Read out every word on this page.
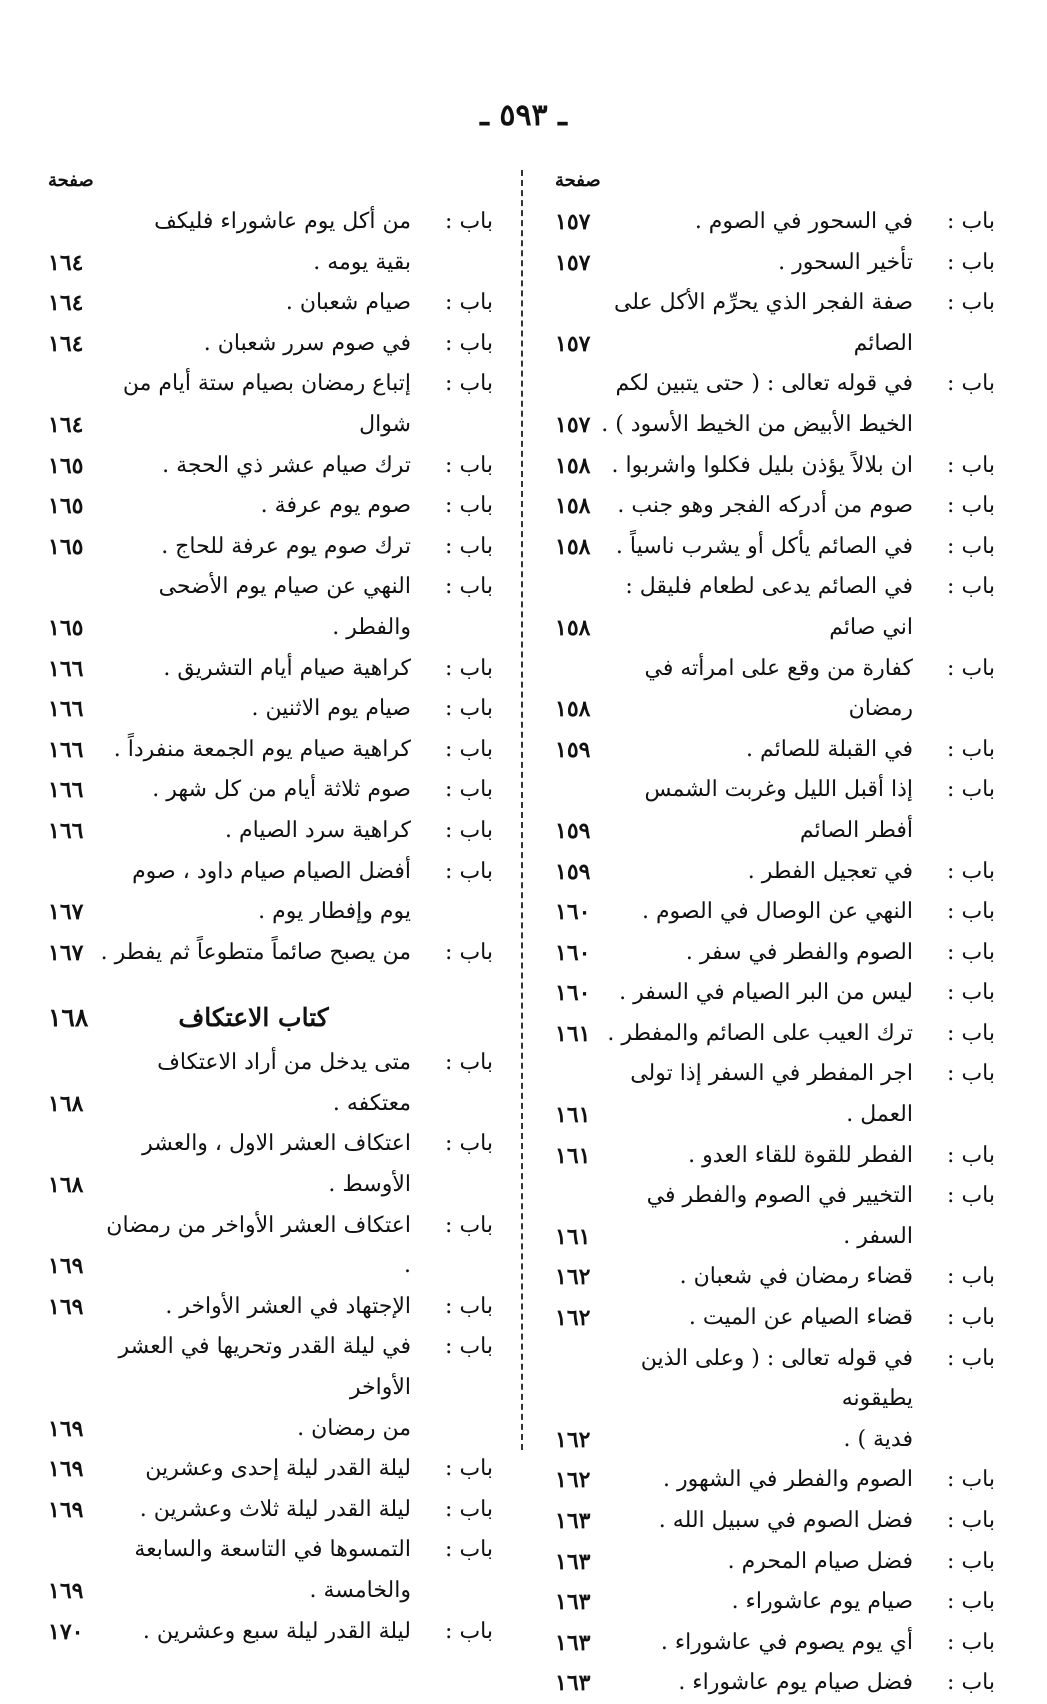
ـ ٥٩٣ ـ
صفحة
باب :
في السحور في الصوم .
١٥٧
باب :
تأخير السحور .
١٥٧
باب :
صفة الفجر الذي يحرِّم الأكل على الصائم
١٥٧
باب :
في قوله تعالى : ( حتى يتبين لكم
الخيط الأبيض من الخيط الأسود ) .
١٥٧
باب :
ان بلالاً يؤذن بليل فكلوا واشربوا .
١٥٨
باب :
صوم من أدركه الفجر وهو جنب .
١٥٨
باب :
في الصائم يأكل أو يشرب ناسياً .
١٥٨
باب :
في الصائم يدعى لطعام فليقل : اني صائم
١٥٨
باب :
كفارة من وقع على امرأته في رمضان
١٥٨
باب :
في القبلة للصائم .
١٥٩
باب :
إذا أقبل الليل وغربت الشمس أفطر الصائم
١٥٩
باب :
في تعجيل الفطر .
١٥٩
باب :
النهي عن الوصال في الصوم .
١٦٠
باب :
الصوم والفطر في سفر .
١٦٠
باب :
ليس من البر الصيام في السفر .
١٦٠
باب :
ترك العيب على الصائم والمفطر .
١٦١
باب :
اجر المفطر في السفر إذا تولى العمل .
١٦١
باب :
الفطر للقوة للقاء العدو .
١٦١
باب :
التخيير في الصوم والفطر في السفر .
١٦١
باب :
قضاء رمضان في شعبان .
١٦٢
باب :
قضاء الصيام عن الميت .
١٦٢
باب :
في قوله تعالى : ( وعلى الذين يطيقونه
فدية ) .
١٦٢
باب :
الصوم والفطر في الشهور .
١٦٢
باب :
فضل الصوم في سبيل الله .
١٦٣
باب :
فضل صيام المحرم .
١٦٣
باب :
صيام يوم عاشوراء .
١٦٣
باب :
أي يوم يصوم في عاشوراء .
١٦٣
باب :
فضل صيام يوم عاشوراء .
١٦٣
صفحة
باب :
من أكل يوم عاشوراء فليكف
بقية يومه .
١٦٤
باب :
صيام شعبان .
١٦٤
باب :
في صوم سرر شعبان .
١٦٤
باب :
إتباع رمضان بصيام ستة أيام من شوال
١٦٤
باب :
ترك صيام عشر ذي الحجة .
١٦٥
باب :
صوم يوم عرفة .
١٦٥
باب :
ترك صوم يوم عرفة للحاج .
١٦٥
باب :
النهي عن صيام يوم الأضحى والفطر .
١٦٥
باب :
كراهية صيام أيام التشريق .
١٦٦
باب :
صيام يوم الاثنين .
١٦٦
باب :
كراهية صيام يوم الجمعة منفرداً .
١٦٦
باب :
صوم ثلاثة أيام من كل شهر .
١٦٦
باب :
كراهية سرد الصيام .
١٦٦
باب :
أفضل الصيام صيام داود ، صوم
يوم وإفطار يوم .
١٦٧
باب :
من يصبح صائماً متطوعاً ثم يفطر .
١٦٧
كتاب الاعتكاف
١٦٨
باب :
متى يدخل من أراد الاعتكاف
معتكفه .
١٦٨
باب :
اعتكاف العشر الاول ، والعشر
الأوسط .
١٦٨
باب :
اعتكاف العشر الأواخر من رمضان .
١٦٩
باب :
الإجتهاد في العشر الأواخر .
١٦٩
باب :
في ليلة القدر وتحريها في العشر الأواخر
من رمضان .
١٦٩
باب :
ليلة القدر ليلة إحدى وعشرين
١٦٩
باب :
ليلة القدر ليلة ثلاث وعشرين .
١٦٩
باب :
التمسوها في التاسعة والسابعة والخامسة .
١٦٩
باب :
ليلة القدر ليلة سبع وعشرين .
١٧٠
